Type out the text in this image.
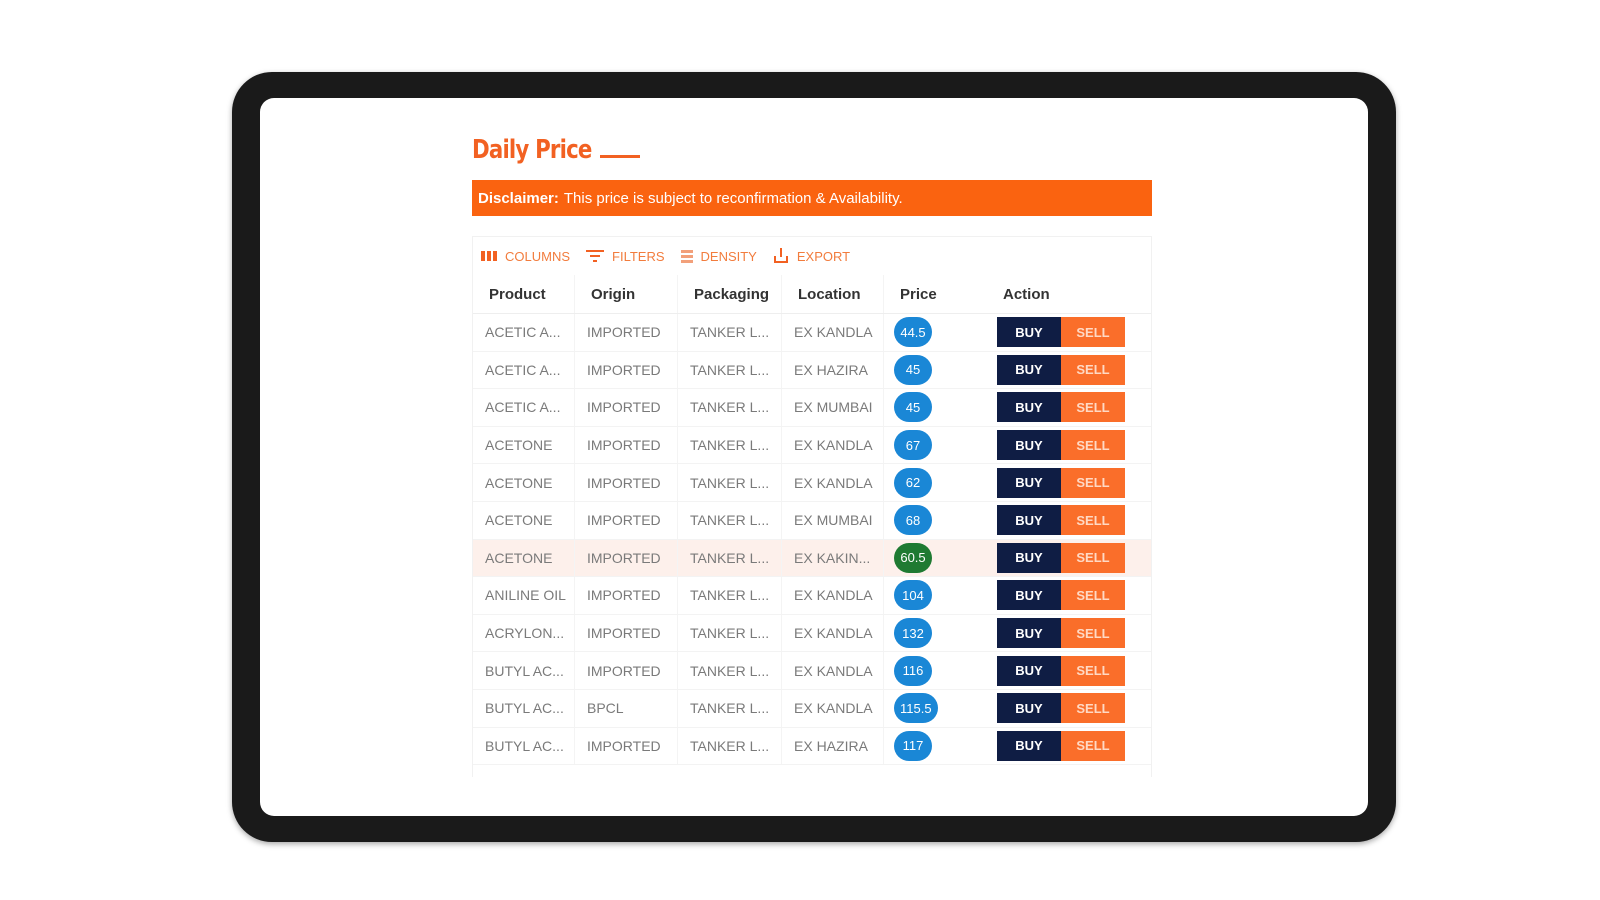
Daily Price
Disclaimer: This price is subject to reconfirmation & Availability.
COLUMNS	FILTERS	DENSITY	EXPORT
Product	Origin	Packaging	Location	Price	Action
ACETIC A...	IMPORTED	TANKER L...	EX KANDLA	44.5	BUY	SELL
ACETIC A...	IMPORTED	TANKER L...	EX HAZIRA	45	BUY	SELL
ACETIC A...	IMPORTED	TANKER L...	EX MUMBAI	45	BUY	SELL
ACETONE	IMPORTED	TANKER L...	EX KANDLA	67	BUY	SELL
ACETONE	IMPORTED	TANKER L...	EX KANDLA	62	BUY	SELL
ACETONE	IMPORTED	TANKER L...	EX MUMBAI	68	BUY	SELL
ACETONE	IMPORTED	TANKER L...	EX KAKIN...	60.5	BUY	SELL
ANILINE OIL	IMPORTED	TANKER L...	EX KANDLA	104	BUY	SELL
ACRYLON...	IMPORTED	TANKER L...	EX KANDLA	132	BUY	SELL
BUTYL AC...	IMPORTED	TANKER L...	EX KANDLA	116	BUY	SELL
BUTYL AC...	BPCL	TANKER L...	EX KANDLA	115.5	BUY	SELL
BUTYL AC...	IMPORTED	TANKER L...	EX HAZIRA	117	BUY	SELL
